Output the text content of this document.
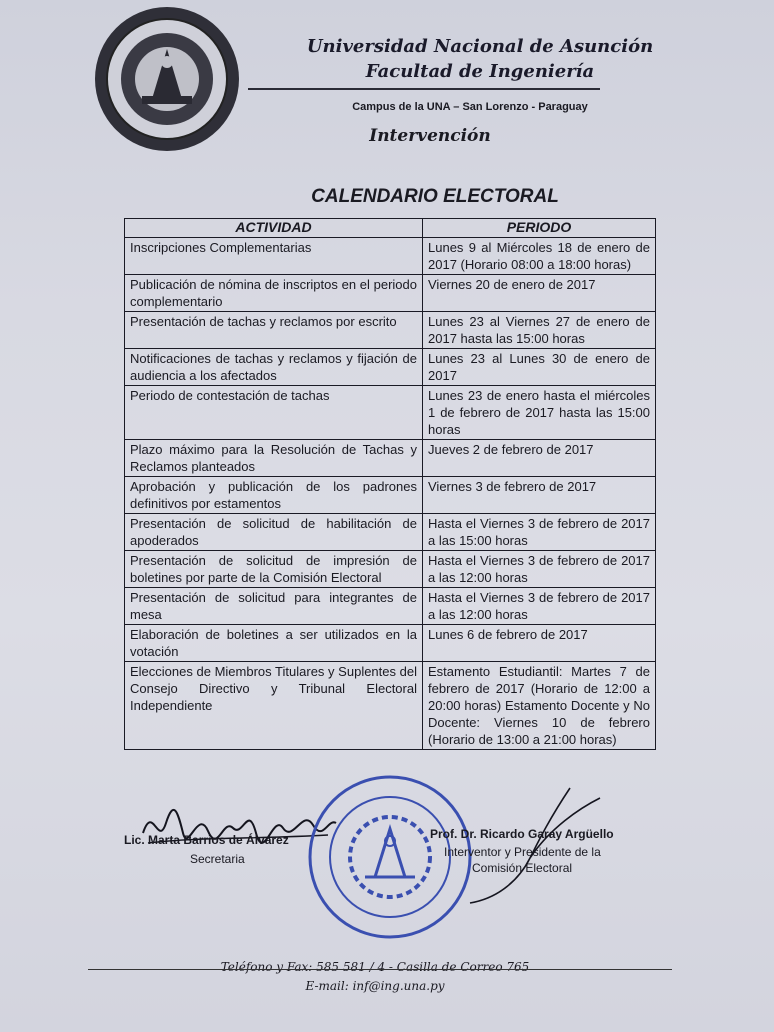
Universidad Nacional de Asunción
Facultad de Ingeniería
Campus de la UNA – San Lorenzo - Paraguay
Intervención
CALENDARIO ELECTORAL
ACTIVIDAD	PERIODO
Inscripciones Complementarias	Lunes 9 al Miércoles 18 de enero de 2017 (Horario 08:00 a 18:00 horas)
Publicación de nómina de inscriptos en el periodo complementario	Viernes 20 de enero de 2017
Presentación de tachas y reclamos por escrito	Lunes 23 al Viernes 27 de enero de 2017 hasta las 15:00 horas
Notificaciones de tachas y reclamos y fijación de audiencia a los afectados	Lunes 23 al Lunes 30 de enero de 2017
Periodo de contestación de tachas	Lunes 23 de enero hasta el miércoles 1 de febrero de 2017 hasta las 15:00 horas
Plazo máximo para la Resolución de Tachas y Reclamos planteados	Jueves 2 de febrero de 2017
Aprobación y publicación de los padrones definitivos por estamentos	Viernes 3 de febrero de 2017
Presentación de solicitud de habilitación de apoderados	Hasta el Viernes 3 de febrero de 2017 a las 15:00 horas
Presentación de solicitud de impresión de boletines por parte de la Comisión Electoral	Hasta el Viernes 3 de febrero de 2017 a las 12:00 horas
Presentación de solicitud para integrantes de mesa	Hasta el Viernes 3 de febrero de 2017 a las 12:00 horas
Elaboración de boletines a ser utilizados en la votación	Lunes 6 de febrero de 2017
Elecciones de Miembros Titulares y Suplentes del Consejo Directivo y Tribunal Electoral Independiente	Estamento Estudiantil: Martes 7 de febrero de 2017 (Horario de 12:00 a 20:00 horas) Estamento Docente y No Docente: Viernes 10 de febrero (Horario de 13:00 a 21:00 horas)
Lic. Marta Barrios de Álvarez
Secretaria
Prof. Dr. Ricardo Garay Argüello
Interventor y Presidente de la
Comisión Electoral
Teléfono y Fax: 585 581 / 4 - Casilla de Correo 765
E-mail: inf@ing.una.py
